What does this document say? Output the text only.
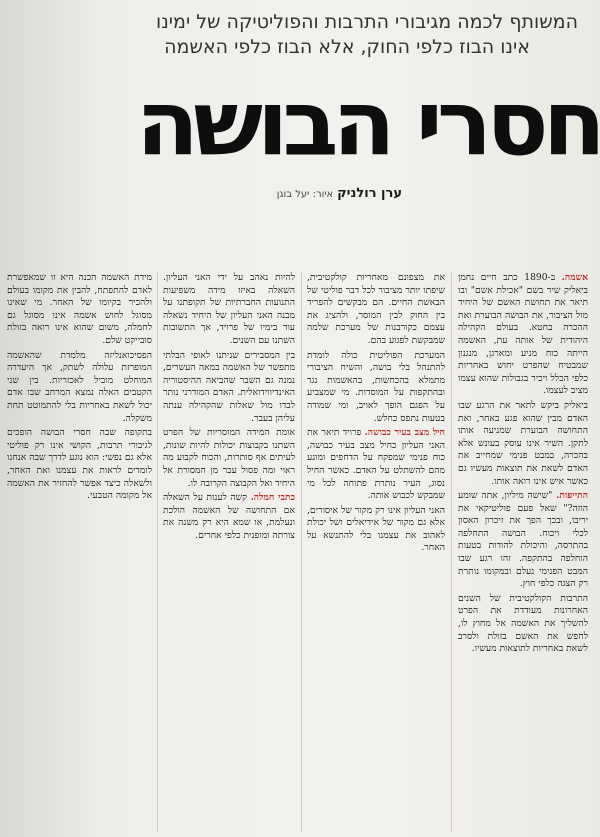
המשותף לכמה מגיבורי התרבות והפוליטיקה של ימינו
אינו הבוז כלפי החוק, אלא הבוז כלפי האשמה
חסרי הבושה
ערן רולניק איור: יעל בוגן

אשמה. ב-1890 כתב חיים נחמן ביאליק שיר בשם "אכילת אשם" ובו תיאר את תחושת האשם של היחיד מול הציבור, את הבושה הבוערת ואת ההכרה בחטא. בעולם הקהילה היהודית של אותה עת, האשמה הייתה כוח מניע ומארגן, מנגנון שמבטיח שהפרט יחוש באחריות כלפי הכלל ויכיר בגבולות שהוא עצמו מציב לעצמו.

ביאליק ביקש לתאר את הרגע שבו האדם מבין שהוא פגע באחר, ואת התחושה הבוערת שמניעה אותו לתקן. השיר אינו עוסק בעונש אלא בהכרה, במבט פנימי שמחייב את האדם לשאת את תוצאות מעשיו גם כאשר איש אינו רואה אותו.

התייפות. "שישה מיליון, אתה שומע הוזה?" שאל פעם פוליטיקאי את יריבו, ובכך הפך את זיכרון האסון לכלי ויכוח. הבושה התחלפה בהתרסה, והיכולת להודות בטעות הוחלפה בהתקפה. זהו רגע שבו המבט הפנימי נעלם ובמקומו נותרת רק הצגה כלפי חוץ.

התרבות הקולקטיבית של השנים האחרונות מעודדת את הפרט להשליך את האשמה אל מחוץ לו, לחפש את האשם בזולת ולסרב לשאת באחריות לתוצאות מעשיו.

את מצפונם מאחריות קולקטיבית, שיפתו יותר מציבור לכל דבר פוליטי של הבאשת החיים. הם מבקשים להפריד בין החוק לבין המוסר, ולהציג את עצמם כקורבנות של מערכת שלמה שמבקשת לפגוע בהם.

המערכת הפוליטית כולה לומדת להתנהל בלי בושה, והשיח הציבורי מתמלא בהכחשות, בהאשמות נגד ובהתקפות על המוסדות. מי שמצביע על הפגם הופך לאויב, ומי שמודה בטעות נתפס כחלש.

חיל מצב בעיר כבושה. פרויד תיאר את האני העליון כחיל מצב בעיר כבושה, כוח פנימי שמפקח על הדחפים ומונע מהם להשתלט על האדם. כאשר החיל נסוג, העיר נותרת פתוחה לכל מי שמבקש לכבוש אותה.

האני העליון אינו רק מקור של איסורים, אלא גם מקור של אידיאלים ושל יכולת לאהוב את עצמנו בלי להתנשא על האחר.

להיות נאהב על ידי האני העליון. השאלה באיזו מידה משפיעות התנועות החברתיות של תקופתנו על מבנה האני העליון של היחיד נשאלה עוד בימיו של פרויד, אך התשובות השתנו עם השנים.

בין המסבירים שניתנו לאופי הבלתי מתפשר של האשמה במאה העשרים, נמנה גם השבר שהביאה ההיסטוריה האינדיווידואלית. האדם המודרני נותר לבדו מול שאלות שהקהילה ענתה עליהן בעבר.

אומת המידה המוסריות של הפרט השתנו בקבוצות יכולות להיות שונות, לעיתים אף סותרות, והכוח לקבוע מה ראוי ומה פסול עבר מן המסורת אל היחיד ואל הקבוצה הקרובה לו.

כתבי חמלה. קשה לענות על השאלה אם התחושה של האשמה הולכת ונעלמת, או שמא היא רק משנה את צורתה ומופנית כלפי אחרים.

מידת האשמה הכנה היא זו שמאפשרת לאדם להתפתח, להבין את מקומו בעולם ולהכיר בקיומו של האחר. מי שאינו מסוגל לחוש אשמה אינו מסוגל גם לחמלה, משום שהוא אינו רואה בזולת סובייקט שלם.

הפסיכואנליזה מלמדת שהאשמה המופרזת עלולה לשתק, אך היעדרה המוחלט מוביל לאכזריות. בין שני הקטבים האלה נמצא המרחב שבו אדם יכול לשאת באחריות בלי להתמוטט תחת משקלה.

בתקופה שבה חסרי הבושה הופכים לגיבורי תרבות, הקושי אינו רק פוליטי אלא גם נפשי: הוא נוגע לדרך שבה אנחנו לומדים לראות את עצמנו ואת האחר, ולשאלה כיצד אפשר להחזיר את האשמה אל מקומה הטבעי.
